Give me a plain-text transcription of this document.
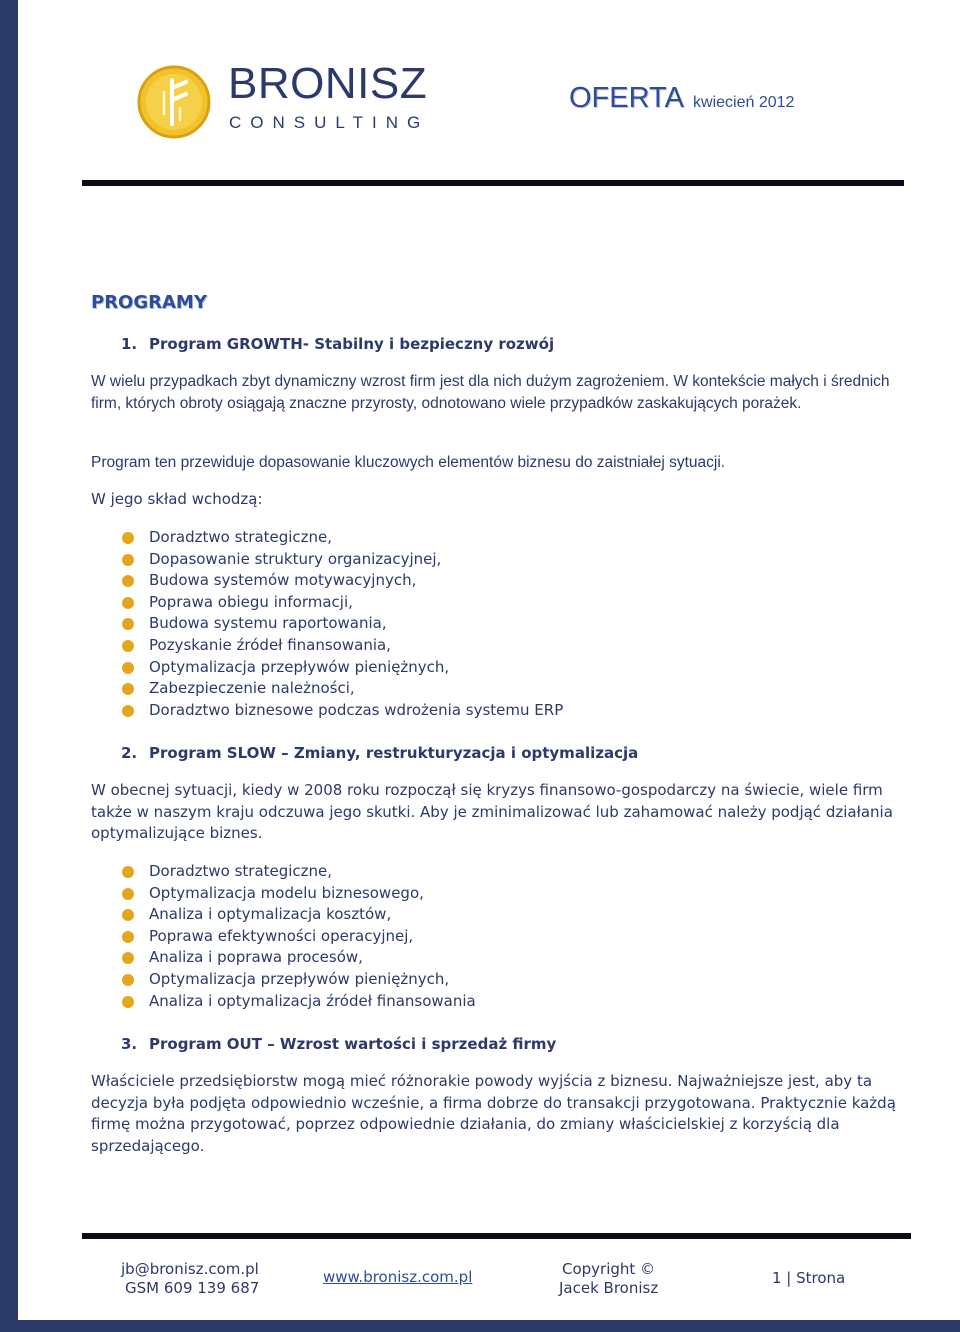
BRONISZ
CONSULTING
OFERTA kwiecień 2012
PROGRAMY
1. Program GROWTH- Stabilny i bezpieczny rozwój
W wielu przypadkach zbyt dynamiczny wzrost firm jest dla nich dużym zagrożeniem. W kontekście małych i średnich firm, których obroty osiągają znaczne przyrosty, odnotowano wiele przypadków zaskakujących porażek.
Program ten przewiduje dopasowanie kluczowych elementów biznesu do zaistniałej sytuacji.
W jego skład wchodzą:
Doradztwo strategiczne,
Dopasowanie struktury organizacyjnej,
Budowa systemów motywacyjnych,
Poprawa obiegu informacji,
Budowa systemu raportowania,
Pozyskanie źródeł finansowania,
Optymalizacja przepływów pieniężnych,
Zabezpieczenie należności,
Doradztwo biznesowe podczas wdrożenia systemu ERP
2. Program SLOW – Zmiany, restrukturyzacja i optymalizacja
W obecnej sytuacji, kiedy w 2008 roku rozpoczął się kryzys finansowo-gospodarczy na świecie, wiele firm także w naszym kraju odczuwa jego skutki. Aby je zminimalizować lub zahamować należy podjąć działania optymalizujące biznes.
Doradztwo strategiczne,
Optymalizacja modelu biznesowego,
Analiza i optymalizacja kosztów,
Poprawa efektywności operacyjnej,
Analiza i poprawa procesów,
Optymalizacja przepływów pieniężnych,
Analiza i optymalizacja źródeł finansowania
3. Program OUT – Wzrost wartości i sprzedaż firmy
Właściciele przedsiębiorstw mogą mieć różnorakie powody wyjścia z biznesu. Najważniejsze jest, aby ta decyzja była podjęta odpowiednio wcześnie, a firma dobrze do transakcji przygotowana. Praktycznie każdą firmę można przygotować, poprzez odpowiednie działania, do zmiany właścicielskiej z korzyścią dla sprzedającego.
jb@bronisz.com.pl
GSM 609 139 687
www.bronisz.com.pl	Copyright ©
Jacek Bronisz
1 | Strona
